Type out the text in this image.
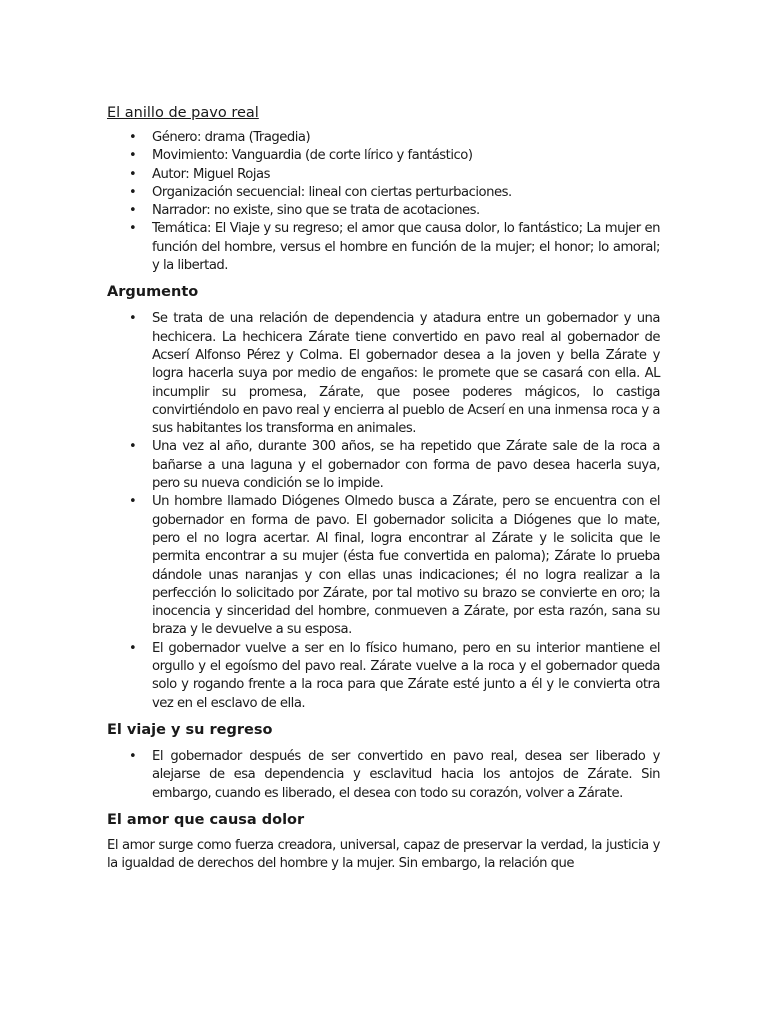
El anillo de pavo real
• Género: drama (Tragedia)
• Movimiento: Vanguardia (de corte lírico y fantástico)
• Autor: Miguel Rojas
• Organización secuencial: lineal con ciertas perturbaciones.
• Narrador: no existe, sino que se trata de acotaciones.
• Temática: El Viaje y su regreso; el amor que causa dolor, lo fantástico; La mujer en función del hombre, versus el hombre en función de la mujer; el honor; lo amoral; y la libertad.
Argumento
• Se trata de una relación de dependencia y atadura entre un gobernador y una hechicera. La hechicera Zárate tiene convertido en pavo real al gobernador de Acserí Alfonso Pérez y Colma. El gobernador desea a la joven y bella Zárate y logra hacerla suya por medio de engaños: le promete que se casará con ella. AL incumplir su promesa, Zárate, que posee poderes mágicos, lo castiga convirtiéndolo en pavo real y encierra al pueblo de Acserí en una inmensa roca y a sus habitantes los transforma en animales.
• Una vez al año, durante 300 años, se ha repetido que Zárate sale de la roca a bañarse a una laguna y el gobernador con forma de pavo desea hacerla suya, pero su nueva condición se lo impide.
• Un hombre llamado Diógenes Olmedo busca a Zárate, pero se encuentra con el gobernador en forma de pavo. El gobernador solicita a Diógenes que lo mate, pero el no logra acertar. Al final, logra encontrar al Zárate y le solicita que le permita encontrar a su mujer (ésta fue convertida en paloma); Zárate lo prueba dándole unas naranjas y con ellas unas indicaciones; él no logra realizar a la perfección lo solicitado por Zárate, por tal motivo su brazo se convierte en oro; la inocencia y sinceridad del hombre, conmueven a Zárate, por esta razón, sana su braza y le devuelve a su esposa.
• El gobernador vuelve a ser en lo físico humano, pero en su interior mantiene el orgullo y el egoísmo del pavo real. Zárate vuelve a la roca y el gobernador queda solo y rogando frente a la roca para que Zárate esté junto a él y le convierta otra vez en el esclavo de ella.
El viaje y su regreso
• El gobernador después de ser convertido en pavo real, desea ser liberado y alejarse de esa dependencia y esclavitud hacia los antojos de Zárate. Sin embargo, cuando es liberado, el desea con todo su corazón, volver a Zárate.
El amor que causa dolor

El amor surge como fuerza creadora, universal, capaz de preservar la verdad, la justicia y la igualdad de derechos del hombre y la mujer. Sin embargo, la relación que
